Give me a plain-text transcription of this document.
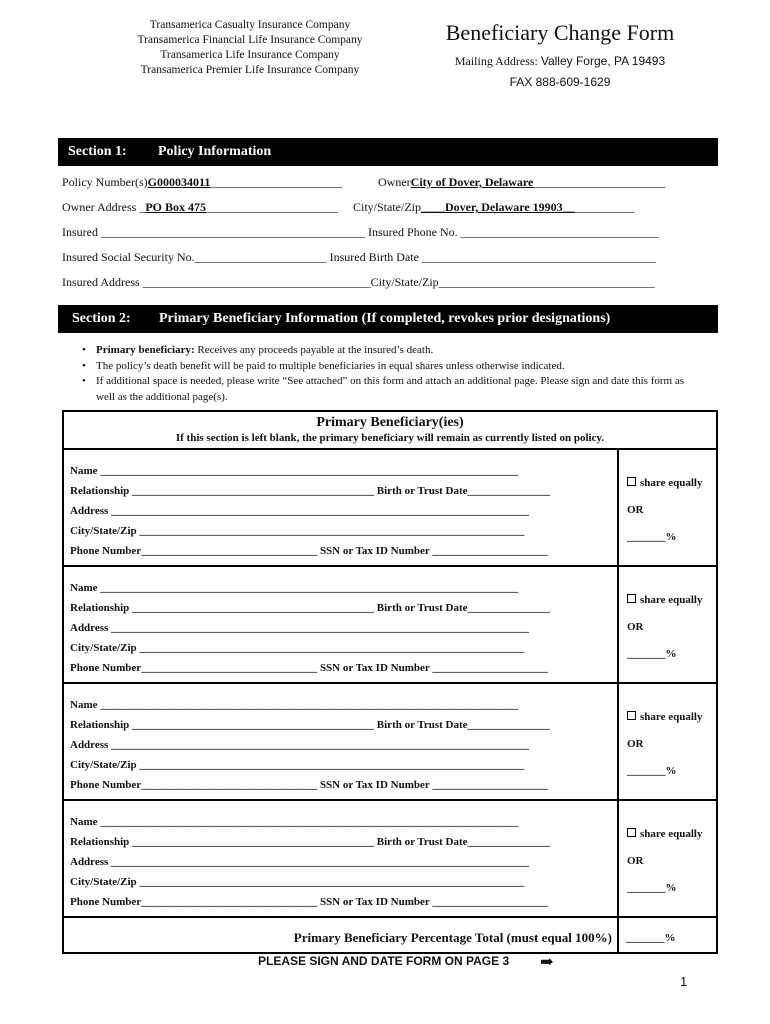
Transamerica Casualty Insurance Company
Transamerica Financial Life Insurance Company
Transamerica Life Insurance Company
Transamerica Premier Life Insurance Company
Beneficiary Change Form
Mailing Address: Valley Forge, PA 19493
FAX 888-609-1629
Section 1: Policy Information
Policy Number(s)G000034011______________________	OwnerCity of Dover, Delaware______________________
Owner Address _PO Box 475______________________ City/State/Zip____Dover, Delaware 19903____________
Insured ____________________________________________ Insured Phone No. _________________________________
Insured Social Security No.______________________ Insured Birth Date _______________________________________
Insured Address ______________________________________City/State/Zip____________________________________
Section 2: Primary Beneficiary Information (If completed, revokes prior designations)
• Primary beneficiary: Receives any proceeds payable at the insured’s death.
• The policy’s death benefit will be paid to multiple beneficiaries in equal shares unless otherwise indicated.
• If additional space is needed, please write “See attached” on this form and attach an additional page. Please sign and date this form as well as the additional page(s).
Primary Beneficiary(ies)
If this section is left blank, the primary beneficiary will remain as currently listed on policy.
Name ____________________________________________________________________________
Relationship ____________________________________________ Birth or Trust Date_______________
Address ____________________________________________________________________________
City/State/Zip ______________________________________________________________________
Phone Number________________________________ SSN or Tax ID Number _____________________
share equally
OR
_______%
Name ____________________________________________________________________________
Relationship ____________________________________________ Birth or Trust Date_______________
Address ____________________________________________________________________________
City/State/Zip ______________________________________________________________________
Phone Number________________________________ SSN or Tax ID Number _____________________
share equally
OR
_______%
Name ____________________________________________________________________________
Relationship ____________________________________________ Birth or Trust Date_______________
Address ____________________________________________________________________________
City/State/Zip ______________________________________________________________________
Phone Number________________________________ SSN or Tax ID Number _____________________
share equally
OR
_______%
Name ____________________________________________________________________________
Relationship ____________________________________________ Birth or Trust Date_______________
Address ____________________________________________________________________________
City/State/Zip ______________________________________________________________________
Phone Number________________________________ SSN or Tax ID Number _____________________
share equally
OR
_______%
Primary Beneficiary Percentage Total (must equal 100%) _______%
PLEASE SIGN AND DATE FORM ON PAGE 3 ➡
1
